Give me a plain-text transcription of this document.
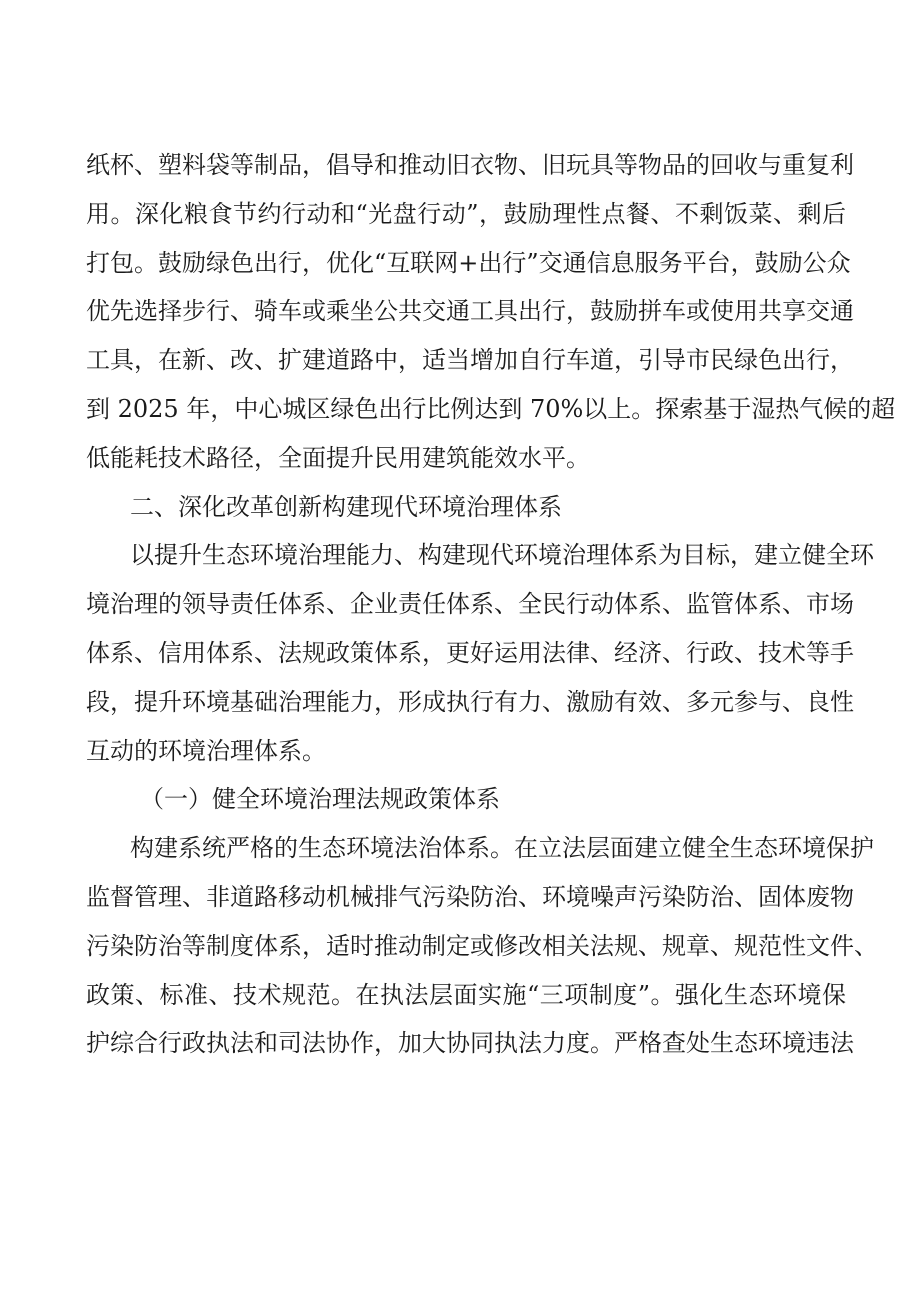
纸杯、塑料袋等制品，倡导和推动旧衣物、旧玩具等物品的回收与重复利
用。深化粮食节约行动和“光盘行动”，鼓励理性点餐、不剩饭菜、剩后
打包。鼓励绿色出行，优化“互联网+出行”交通信息服务平台，鼓励公众
优先选择步行、骑车或乘坐公共交通工具出行，鼓励拼车或使用共享交通
工具，在新、改、扩建道路中，适当增加自行车道，引导市民绿色出行，
到 2025 年，中心城区绿色出行比例达到 70%以上。探索基于湿热气候的超
低能耗技术路径，全面提升民用建筑能效水平。
二、深化改革创新构建现代环境治理体系
以提升生态环境治理能力、构建现代环境治理体系为目标，建立健全环
境治理的领导责任体系、企业责任体系、全民行动体系、监管体系、市场
体系、信用体系、法规政策体系，更好运用法律、经济、行政、技术等手
段，提升环境基础治理能力，形成执行有力、激励有效、多元参与、良性
互动的环境治理体系。
（一）健全环境治理法规政策体系
构建系统严格的生态环境法治体系。在立法层面建立健全生态环境保护
监督管理、非道路移动机械排气污染防治、环境噪声污染防治、固体废物
污染防治等制度体系，适时推动制定或修改相关法规、规章、规范性文件、
政策、标准、技术规范。在执法层面实施“三项制度”。强化生态环境保
护综合行政执法和司法协作，加大协同执法力度。严格查处生态环境违法
